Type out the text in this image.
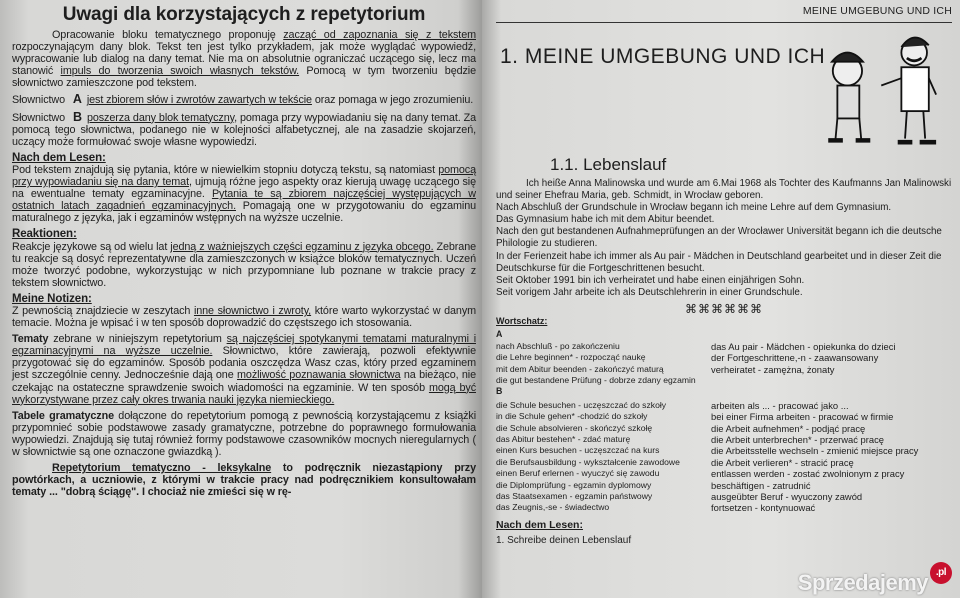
Uwagi dla korzystających z repetytorium

Opracowanie bloku tematycznego proponuję zacząć od zapoznania się z tekstem rozpoczynającym dany blok. Tekst ten jest tylko przykładem, jak może wyglądać wypowiedź, wypracowanie lub dialog na dany temat. Nie ma on absolutnie ograniczać uczącego się, lecz ma stanowić impuls do tworzenia swoich własnych tekstów. Pomocą w tym tworzeniu będzie słownictwo zamieszczone pod tekstem.

Słownictwo A jest zbiorem słów i zwrotów zawartych w tekście oraz pomaga w jego zrozumieniu.

Słownictwo B poszerza dany blok tematyczny, pomaga przy wypowiadaniu się na dany temat. Za pomocą tego słownictwa, podanego nie w kolejności alfabetycznej, ale na zasadzie skojarzeń, uczący może formułować swoje własne wypowiedzi.

Nach dem Lesen:
Pod tekstem znajdują się pytania, które w niewielkim stopniu dotyczą tekstu, są natomiast pomocą przy wypowiadaniu się na dany temat, ujmują różne jego aspekty oraz kierują uwagę uczącego się na ewentualne tematy egzaminacyjne. Pytania te są zbiorem najczęściej występujących w ostatnich latach zagadnień egzaminacyjnych. Pomagają one w przygotowaniu do egzaminu maturalnego z języka, jak i egzaminów wstępnych na wyższe uczelnie.

Reaktionen:
Reakcje językowe są od wielu lat jedną z ważniejszych części egzaminu z języka obcego. Zebrane tu reakcje są dosyć reprezentatywne dla zamieszczonych w książce bloków tematycznych. Uczeń może tworzyć podobne, wykorzystując w nich przypomniane lub poznane w trakcie pracy z tekstem słownictwo.

Meine Notizen:
Z pewnością znajdziecie w zeszytach inne słownictwo i zwroty, które warto wykorzystać w danym temacie. Można je wpisać i w ten sposób doprowadzić do częstszego ich stosowania.

Tematy zebrane w niniejszym repetytorium są najczęściej spotykanymi tematami maturalnymi i egzaminacyjnymi na wyższe uczelnie. Słownictwo, które zawierają, pozwoli efektywnie przygotować się do egzaminów. Sposób podania oszczędza Wasz czas, który przed egzaminem jest szczególnie cenny. Jednocześnie dają one możliwość poznawania słownictwa na bieżąco, nie czekając na ostateczne sprawdzenie swoich wiadomości na egzaminie. W ten sposób mogą być wykorzystywane przez cały okres trwania nauki języka niemieckiego.

Tabele gramatyczne dołączone do repetytorium pomogą z pewnością korzystającemu z książki przypomnieć sobie podstawowe zasady gramatyczne, potrzebne do poprawnego formułowania wypowiedzi. Znajdują się tutaj również formy podstawowe czasowników mocnych nieregularnych ( w słownictwie są one oznaczone gwiazdką ).

Repetytorium tematyczno - leksykalne to podręcznik niezastąpiony przy powtórkach, a uczniowie, z którymi w trakcie pracy nad podręcznikiem konsultowałam tematy ... "dobrą ściągę". I chociaż nie zmieści się w rę-

MEINE UMGEBUNG UND ICH
1. MEINE UMGEBUNG UND ICH
1.1. Lebenslauf
Ich heiße Anna Malinowska und wurde am 6.Mai 1968 als Tochter des Kaufmanns Jan Malinowski und seiner Ehefrau Maria, geb. Schmidt, in Wrocław geboren.
Nach Abschluß der Grundschule in Wrocław begann ich meine Lehre auf dem Gymnasium.
Das Gymnasium habe ich mit dem Abitur beendet.
Nach den gut bestandenen Aufnahmeprüfungen an der Wrocławer Universität begann ich die deutsche Philologie zu studieren.
In der Ferienzeit habe ich immer als Au pair - Mädchen in Deutschland gearbeitet und in dieser Zeit die Deutschkurse für die Fortgeschrittenen besucht.
Seit Oktober 1991 bin ich verheiratet und habe einen einjährigen Sohn.
Seit vorigem Jahr arbeite ich als Deutschlehrerin in einer Grundschule.
⌘⌘⌘⌘⌘⌘
Wortschatz:
A
nach Abschluß - po zakończeniu
die Lehre beginnen* - rozpocząć naukę
mit dem Abitur beenden - zakończyć maturą
die gut bestandene Prüfung - dobrze zdany egzamin
das Au pair - Mädchen - opiekunka do dzieci
der Fortgeschrittene,-n - zaawansowany
verheiratet - zamężna, żonaty
B
die Schule besuchen - uczęszczać do szkoły
in die Schule gehen* -chodzić do szkoły
die Schule absolvieren - skończyć szkołę
das Abitur bestehen* - zdać maturę
einen Kurs besuchen - uczęszczać na kurs
die Berufsausbildung - wykształcenie zawodowe
einen Beruf erlernen - wyuczyć się zawodu
die Diplomprüfung - egzamin dyplomowy
das Staatsexamen - egzamin państwowy
das Zeugnis,-se - świadectwo
arbeiten als ... - pracować jako ...
bei einer Firma arbeiten - pracować w firmie
die Arbeit aufnehmen* - podjąć pracę
die Arbeit unterbrechen* - przerwać pracę
die Arbeitsstelle wechseln - zmienić miejsce pracy
die Arbeit verlieren* - stracić pracę
entlassen werden - zostać zwolnionym z pracy
beschäftigen - zatrudnić
ausgeübter Beruf - wyuczony zawód
fortsetzen - kontynuować
Nach dem Lesen:
1. Schreibe deinen Lebenslauf
Sprzedajemy .pl
